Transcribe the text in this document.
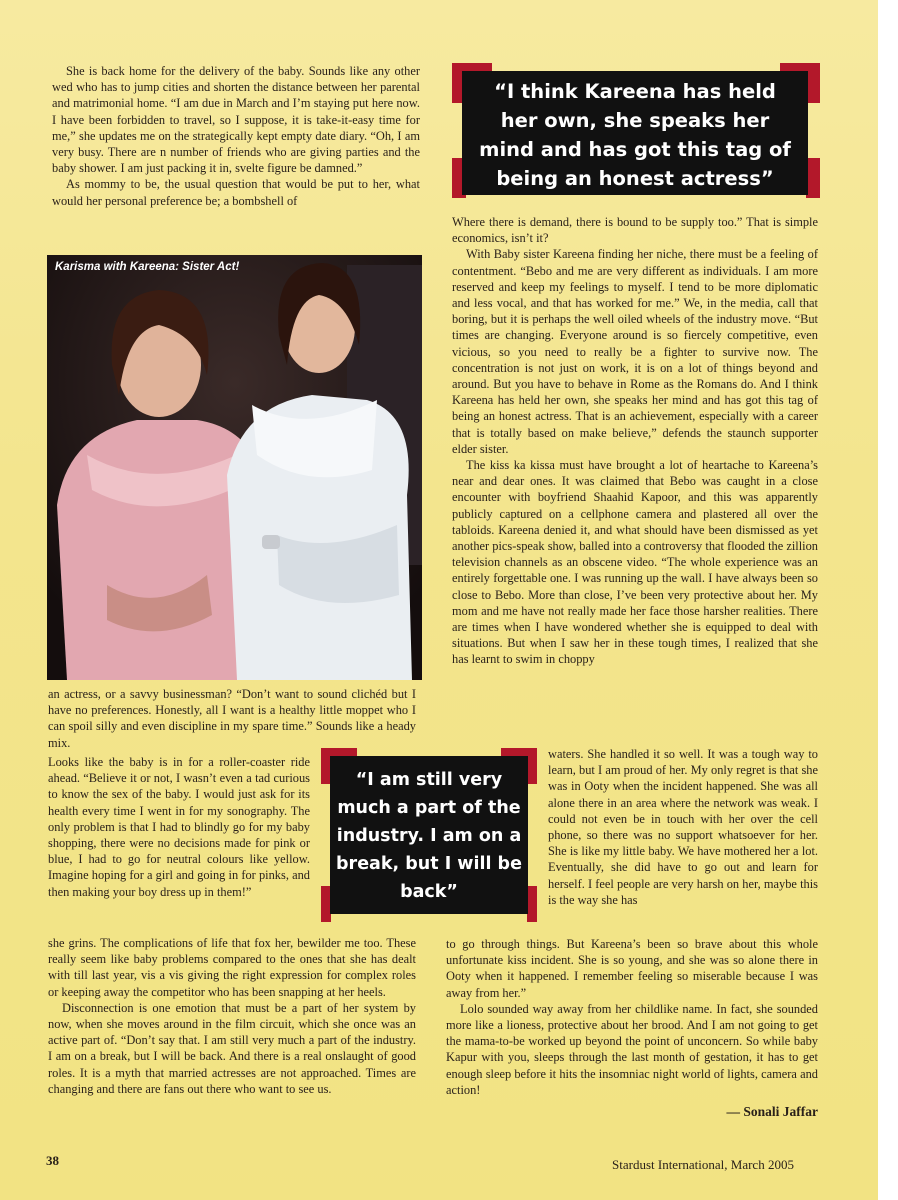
“I think Kareena has held her own, she speaks her mind and has got this tag of being an honest actress”

She is back home for the delivery of the baby. Sounds like any other wed who has to jump cities and shorten the distance between her parental and matrimonial home. “I am due in March and I’m staying put here now. I have been forbidden to travel, so I suppose, it is take-it-easy time for me,” she updates me on the strategically kept empty date diary. “Oh, I am very busy. There are n number of friends who are giving parties and the baby shower. I am just packing it in, svelte figure be damned.”

As mommy to be, the usual question that would be put to her, what would her personal preference be; a bombshell of

Karisma with Kareena: Sister Act!

an actress, or a savvy businessman? “Don’t want to sound clichéd but I have no preferences. Honestly, all I want is a healthy little moppet who I can spoil silly and even discipline in my spare time.” Sounds like a heady mix.

Looks like the baby is in for a roller-coaster ride ahead. “Believe it or not, I wasn’t even a tad curious to know the sex of the baby. I would just ask for its health every time I went in for my sonography. The only problem is that I had to blindly go for my baby shopping, there were no decisions made for pink or blue, I had to go for neutral colours like yellow. Imagine hoping for a girl and going in for pinks, and then making your boy dress up in them!”

“I am still very much a part of the industry. I am on a break, but I will be back”

she grins. The complications of life that fox her, bewilder me too. These really seem like baby problems compared to the ones that she has dealt with till last year, vis a vis giving the right expression for complex roles or keeping away the competitor who has been snapping at her heels.

Disconnection is one emotion that must be a part of her system by now, when she moves around in the film circuit, which she once was an active part of. “Don’t say that. I am still very much a part of the industry. I am on a break, but I will be back. And there is a real onslaught of good roles. It is a myth that married actresses are not approached. Times are changing and there are fans out there who want to see us.

Where there is demand, there is bound to be supply too.” That is simple economics, isn’t it?

With Baby sister Kareena finding her niche, there must be a feeling of contentment. “Bebo and me are very different as individuals. I am more reserved and keep my feelings to myself. I tend to be more diplomatic and less vocal, and that has worked for me.” We, in the media, call that boring, but it is perhaps the well oiled wheels of the industry move. “But times are changing. Everyone around is so fiercely competitive, even vicious, so you need to really be a fighter to survive now. The concentration is not just on work, it is on a lot of things beyond and around. But you have to behave in Rome as the Romans do. And I think Kareena has held her own, she speaks her mind and has got this tag of being an honest actress. That is an achievement, especially with a career that is totally based on make believe,” defends the staunch supporter elder sister.

The kiss ka kissa must have brought a lot of heartache to Kareena’s near and dear ones. It was claimed that Bebo was caught in a close encounter with boyfriend Shaahid Kapoor, and this was apparently publicly captured on a cellphone camera and plastered all over the tabloids. Kareena denied it, and what should have been dismissed as yet another pics-speak show, balled into a controversy that flooded the zillion television channels as an obscene video. “The whole experience was an entirely forgettable one. I was running up the wall. I have always been so close to Bebo. More than close, I’ve been very protective about her. My mom and me have not really made her face those harsher realities. There are times when I have wondered whether she is equipped to deal with situations. But when I saw her in these tough times, I realized that she has learnt to swim in choppy

waters. She handled it so well. It was a tough way to learn, but I am proud of her. My only regret is that she was in Ooty when the incident happened. She was all alone there in an area where the network was weak. I could not even be in touch with her over the cell phone, so there was no support whatsoever for her. She is like my little baby. We have mothered her a lot. Eventually, she did have to go out and learn for herself. I feel people are very harsh on her, maybe this is the way she has

to go through things. But Kareena’s been so brave about this whole unfortunate kiss incident. She is so young, and she was so alone there in Ooty when it happened. I remember feeling so miserable because I was away from her.”

Lolo sounded way away from her childlike name. In fact, she sounded more like a lioness, protective about her brood. And I am not going to get the mama-to-be worked up beyond the point of unconcern. So while baby Kapur with you, sleeps through the last month of gestation, it has to get enough sleep before it hits the insomniac night world of lights, camera and action!

— Sonali Jaffar

38	Stardust International, March 2005
